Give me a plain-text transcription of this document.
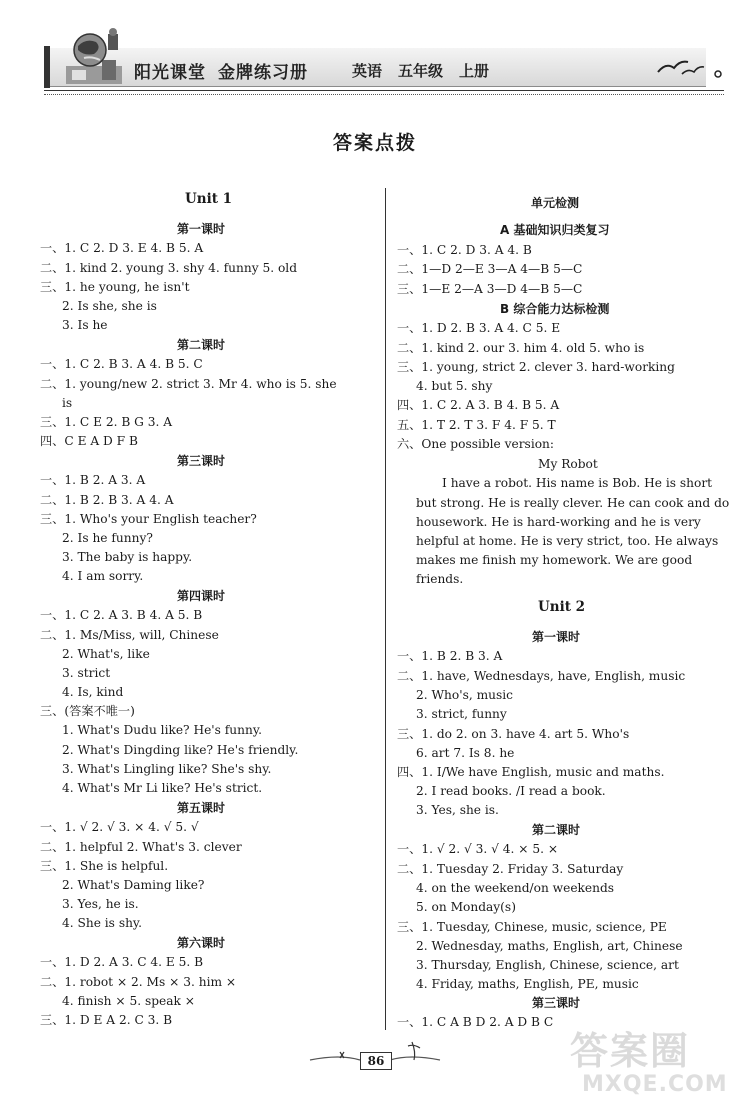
阳光课堂 金牌练习册	英语 五年级 上册
答案点拨
Unit 1
第一课时
一、1. C 2. D 3. E 4. B 5. A
二、1. kind 2. young 3. shy 4. funny 5. old
三、1. he young, he isn't
2. Is she, she is
3. Is he
第二课时
一、1. C 2. B 3. A 4. B 5. C
二、1. young/new 2. strict 3. Mr 4. who is 5. she
is
三、1. C E 2. B G 3. A
四、C E A D F B
第三课时
一、1. B 2. A 3. A
二、1. B 2. B 3. A 4. A
三、1. Who's your English teacher?
2. Is he funny?
3. The baby is happy.
4. I am sorry.
第四课时
一、1. C 2. A 3. B 4. A 5. B
二、1. Ms/Miss, will, Chinese
2. What's, like
3. strict
4. Is, kind
三、(答案不唯一)
1. What's Dudu like? He's funny.
2. What's Dingding like? He's friendly.
3. What's Lingling like? She's shy.
4. What's Mr Li like? He's strict.
第五课时
一、1. √ 2. √ 3. × 4. √ 5. √
二、1. helpful 2. What's 3. clever
三、1. She is helpful.
2. What's Daming like?
3. Yes, he is.
4. She is shy.
第六课时
一、1. D 2. A 3. C 4. E 5. B
二、1. robot × 2. Ms × 3. him ×
4. finish × 5. speak ×
三、1. D E A 2. C 3. B
单元检测
A 基础知识归类复习
一、1. C 2. D 3. A 4. B
二、1—D 2—E 3—A 4—B 5—C
三、1—E 2—A 3—D 4—B 5—C
B 综合能力达标检测
一、1. D 2. B 3. A 4. C 5. E
二、1. kind 2. our 3. him 4. old 5. who is
三、1. young, strict 2. clever 3. hard-working
4. but 5. shy
四、1. C 2. A 3. B 4. B 5. A
五、1. T 2. T 3. F 4. F 5. T
六、One possible version:
My Robot
I have a robot. His name is Bob. He is short
but strong. He is really clever. He can cook and do
housework. He is hard-working and he is very
helpful at home. He is very strict, too. He always
makes me finish my homework. We are good
friends.
Unit 2
第一课时
一、1. B 2. B 3. A
二、1. have, Wednesdays, have, English, music
2. Who's, music
3. strict, funny
三、1. do 2. on 3. have 4. art 5. Who's
6. art 7. Is 8. he
四、1. I/We have English, music and maths.
2. I read books. /I read a book.
3. Yes, she is.
第二课时
一、1. √ 2. √ 3. √ 4. × 5. ×
二、1. Tuesday 2. Friday 3. Saturday
4. on the weekend/on weekends
5. on Monday(s)
三、1. Tuesday, Chinese, music, science, PE
2. Wednesday, maths, English, art, Chinese
3. Thursday, English, Chinese, science, art
4. Friday, maths, English, PE, music
第三课时
一、1. C A B D 2. A D B C
86	答案圈
MXQE.COM
